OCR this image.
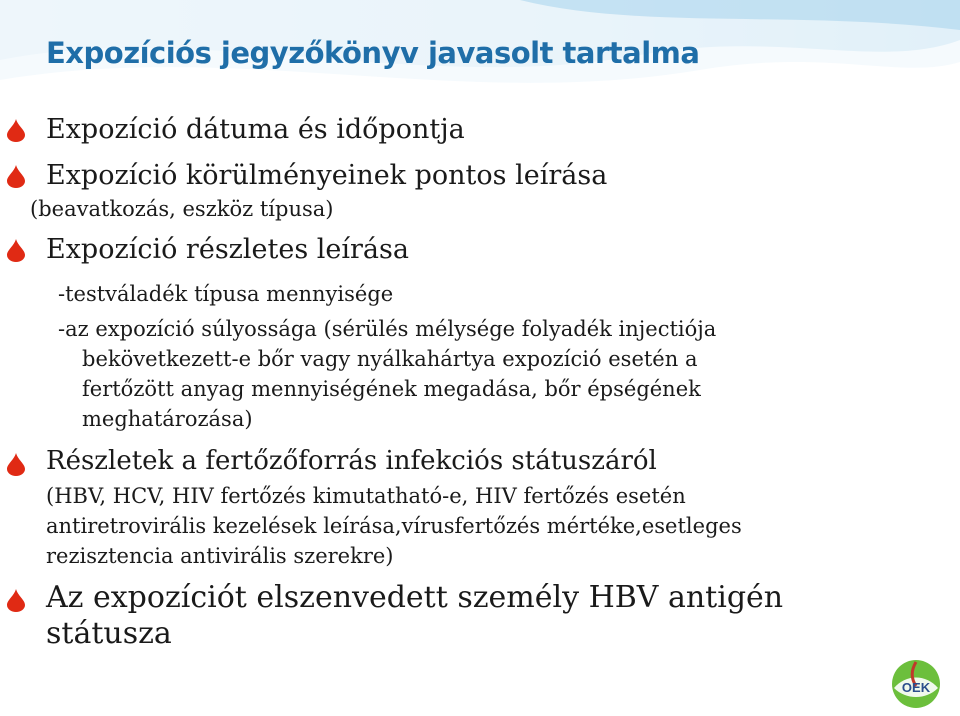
Expozíciós jegyzőkönyv javasolt tartalma
Expozíció dátuma és időpontja
Expozíció körülményeinek pontos leírása
(beavatkozás, eszköz típusa)
Expozíció részletes leírása
-testváladék típusa mennyisége
-az expozíció súlyossága (sérülés mélysége folyadék injectiója
bekövetkezett-e bőr vagy nyálkahártya expozíció esetén a
fertőzött anyag mennyiségének megadása, bőr épségének
meghatározása)
Részletek a fertőzőforrás infekciós státuszáról
(HBV, HCV, HIV fertőzés kimutatható-e, HIV fertőzés esetén
antiretrovirális kezelések leírása,vírusfertőzés mértéke,esetleges
rezisztencia antivirális szerekre)
Az expozíciót elszenvedett személy HBV antigén
státusza
OEK
